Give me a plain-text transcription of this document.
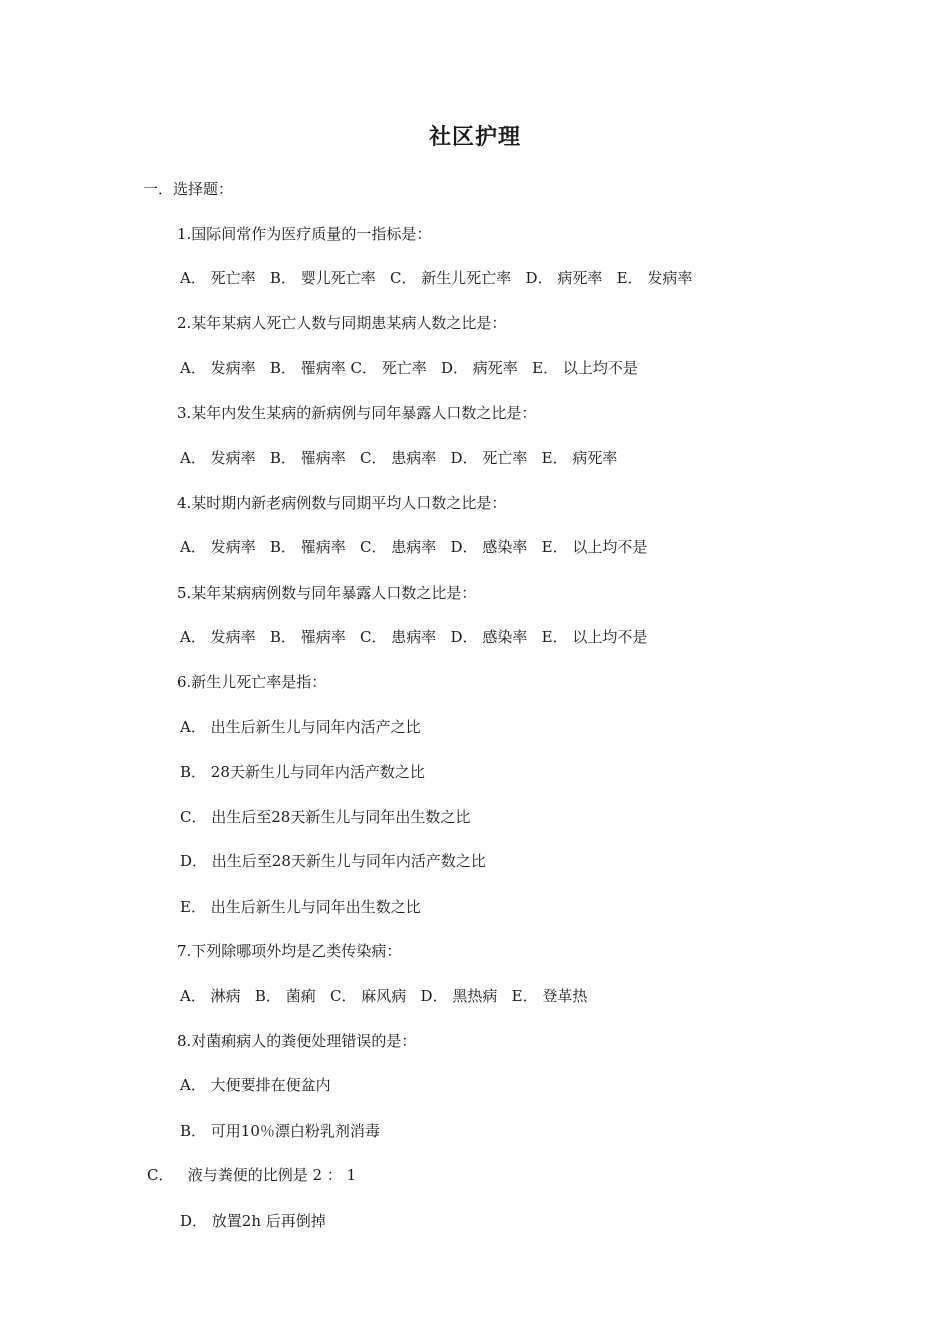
社区护理
一．选择题：
1.国际间常作为医疗质量的一指标是：
A． 死亡率   B． 婴儿死亡率   C． 新生儿死亡率   D． 病死率   E． 发病率
2.某年某病人死亡人数与同期患某病人数之比是：
A． 发病率   B． 罹病率 C． 死亡率   D． 病死率   E． 以上均不是
3.某年内发生某病的新病例与同年暴露人口数之比是：
A． 发病率   B． 罹病率   C． 患病率   D． 死亡率   E． 病死率
4.某时期内新老病例数与同期平均人口数之比是：
A． 发病率   B． 罹病率   C． 患病率   D． 感染率   E． 以上均不是
5.某年某病病例数与同年暴露人口数之比是：
A． 发病率   B． 罹病率   C． 患病率   D． 感染率   E． 以上均不是
6.新生儿死亡率是指：
A． 出生后新生儿与同年内活产之比
B． 28天新生儿与同年内活产数之比
C． 出生后至28天新生儿与同年出生数之比
D． 出生后至28天新生儿与同年内活产数之比
E． 出生后新生儿与同年出生数之比
7.下列除哪项外均是乙类传染病：
A． 淋病   B． 菌痢   C． 麻风病   D． 黑热病   E． 登革热
8.对菌痢病人的粪便处理错误的是：
A． 大便要排在便盆内
B． 可用10％漂白粉乳剂消毒
C．   液与粪便的比例是 2 ： 1
D． 放置2h 后再倒掉
